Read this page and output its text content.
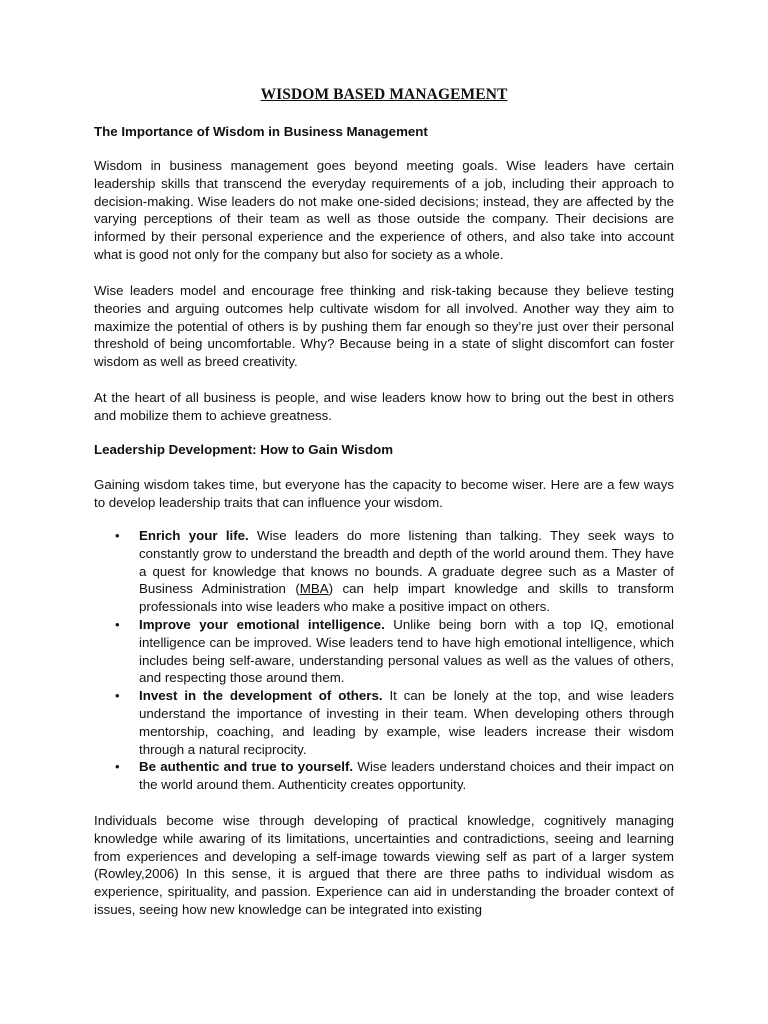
WISDOM BASED MANAGEMENT
The Importance of Wisdom in Business Management

Wisdom in business management goes beyond meeting goals. Wise leaders have certain leadership skills that transcend the everyday requirements of a job, including their approach to decision-making. Wise leaders do not make one-sided decisions; instead, they are affected by the varying perceptions of their team as well as those outside the company. Their decisions are informed by their personal experience and the experience of others, and also take into account what is good not only for the company but also for society as a whole.

Wise leaders model and encourage free thinking and risk-taking because they believe testing theories and arguing outcomes help cultivate wisdom for all involved. Another way they aim to maximize the potential of others is by pushing them far enough so they’re just over their personal threshold of being uncomfortable. Why? Because being in a state of slight discomfort can foster wisdom as well as breed creativity.

At the heart of all business is people, and wise leaders know how to bring out the best in others and mobilize them to achieve greatness.

Leadership Development: How to Gain Wisdom

Gaining wisdom takes time, but everyone has the capacity to become wiser. Here are a few ways to develop leadership traits that can influence your wisdom.

• Enrich your life. Wise leaders do more listening than talking. They seek ways to constantly grow to understand the breadth and depth of the world around them. They have a quest for knowledge that knows no bounds. A graduate degree such as a Master of Business Administration (MBA) can help impart knowledge and skills to transform professionals into wise leaders who make a positive impact on others.
• Improve your emotional intelligence. Unlike being born with a top IQ, emotional intelligence can be improved. Wise leaders tend to have high emotional intelligence, which includes being self-aware, understanding personal values as well as the values of others, and respecting those around them.
• Invest in the development of others. It can be lonely at the top, and wise leaders understand the importance of investing in their team. When developing others through mentorship, coaching, and leading by example, wise leaders increase their wisdom through a natural reciprocity.
• Be authentic and true to yourself. Wise leaders understand choices and their impact on the world around them. Authenticity creates opportunity.

Individuals become wise through developing of practical knowledge, cognitively managing knowledge while awaring of its limitations, uncertainties and contradictions, seeing and learning from experiences and developing a self-image towards viewing self as part of a larger system (Rowley,2006) In this sense, it is argued that there are three paths to individual wisdom as experience, spirituality, and passion. Experience can aid in understanding the broader context of issues, seeing how new knowledge can be integrated into existing
